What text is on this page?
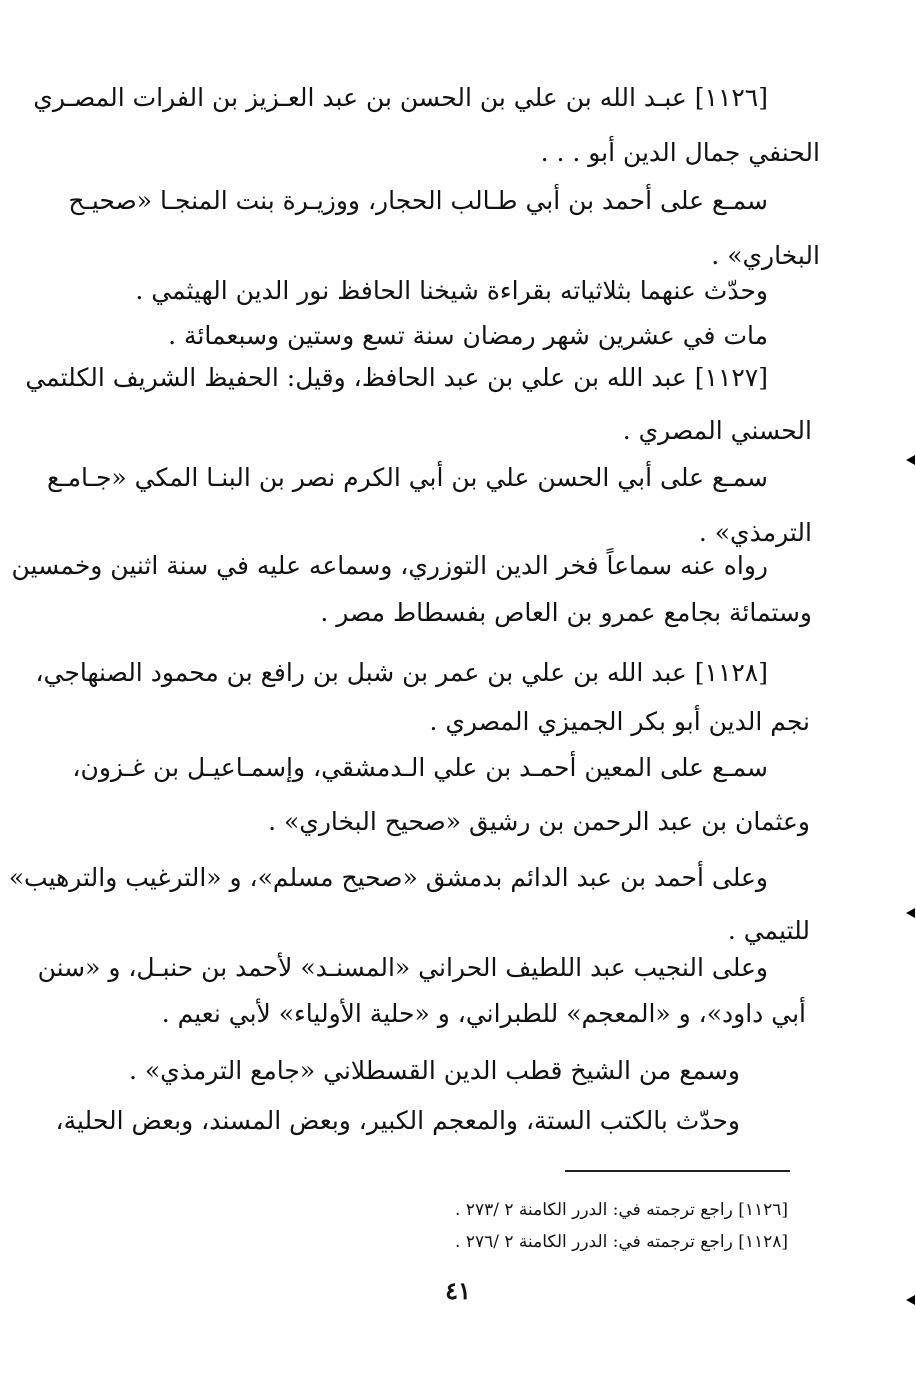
[١١٢٦] عبـد الله بن علي بن الحسن بن عبد العـزيز بن الفرات المصـري
الحنفي جمال الدين أبو . . .
سمـع على أحمد بن أبي طـالب الحجار، ووزيـرة بنت المنجـا «صحيـح
البخاري» .
وحدّث عنهما بثلاثياته بقراءة شيخنا الحافظ نور الدين الهيثمي .
مات في عشرين شهر رمضان سنة تسع وستين وسبعمائة .
[١١٢٧] عبد الله بن علي بن عبد الحافظ، وقيل: الحفيظ الشريف الكلتمي
الحسني المصري .
سمـع على أبي الحسن علي بن أبي الكرم نصر بن البنـا المكي «جـامـع
الترمذي» .
رواه عنه سماعاً فخر الدين التوزري، وسماعه عليه في سنة اثنين وخمسين
وستمائة بجامع عمرو بن العاص بفسطاط مصر .
[١١٢٨] عبد الله بن علي بن عمر بن شبل بن رافع بن محمود الصنهاجي،
نجم الدين أبو بكر الجميزي المصري .
سمـع على المعين أحمـد بن علي الـدمشقي، وإسمـاعيـل بن غـزون،
وعثمان بن عبد الرحمن بن رشيق «صحيح البخاري» .
وعلى أحمد بن عبد الدائم بدمشق «صحيح مسلم»، و «الترغيب والترهيب»
للتيمي .
وعلى النجيب عبد اللطيف الحراني «المسنـد» لأحمد بن حنبـل، و «سنن
أبي داود»، و «المعجم» للطبراني، و «حلية الأولياء» لأبي نعيم .
وسمع من الشيخ قطب الدين القسطلاني «جامع الترمذي» .
وحدّث بالكتب الستة، والمعجم الكبير، وبعض المسند، وبعض الحلية،
[١١٢٦] راجع ترجمته في: الدرر الكامنة ٢ /٢٧٣ .
[١١٢٨] راجع ترجمته في: الدرر الكامنة ٢ /٢٧٦ .
٤١
